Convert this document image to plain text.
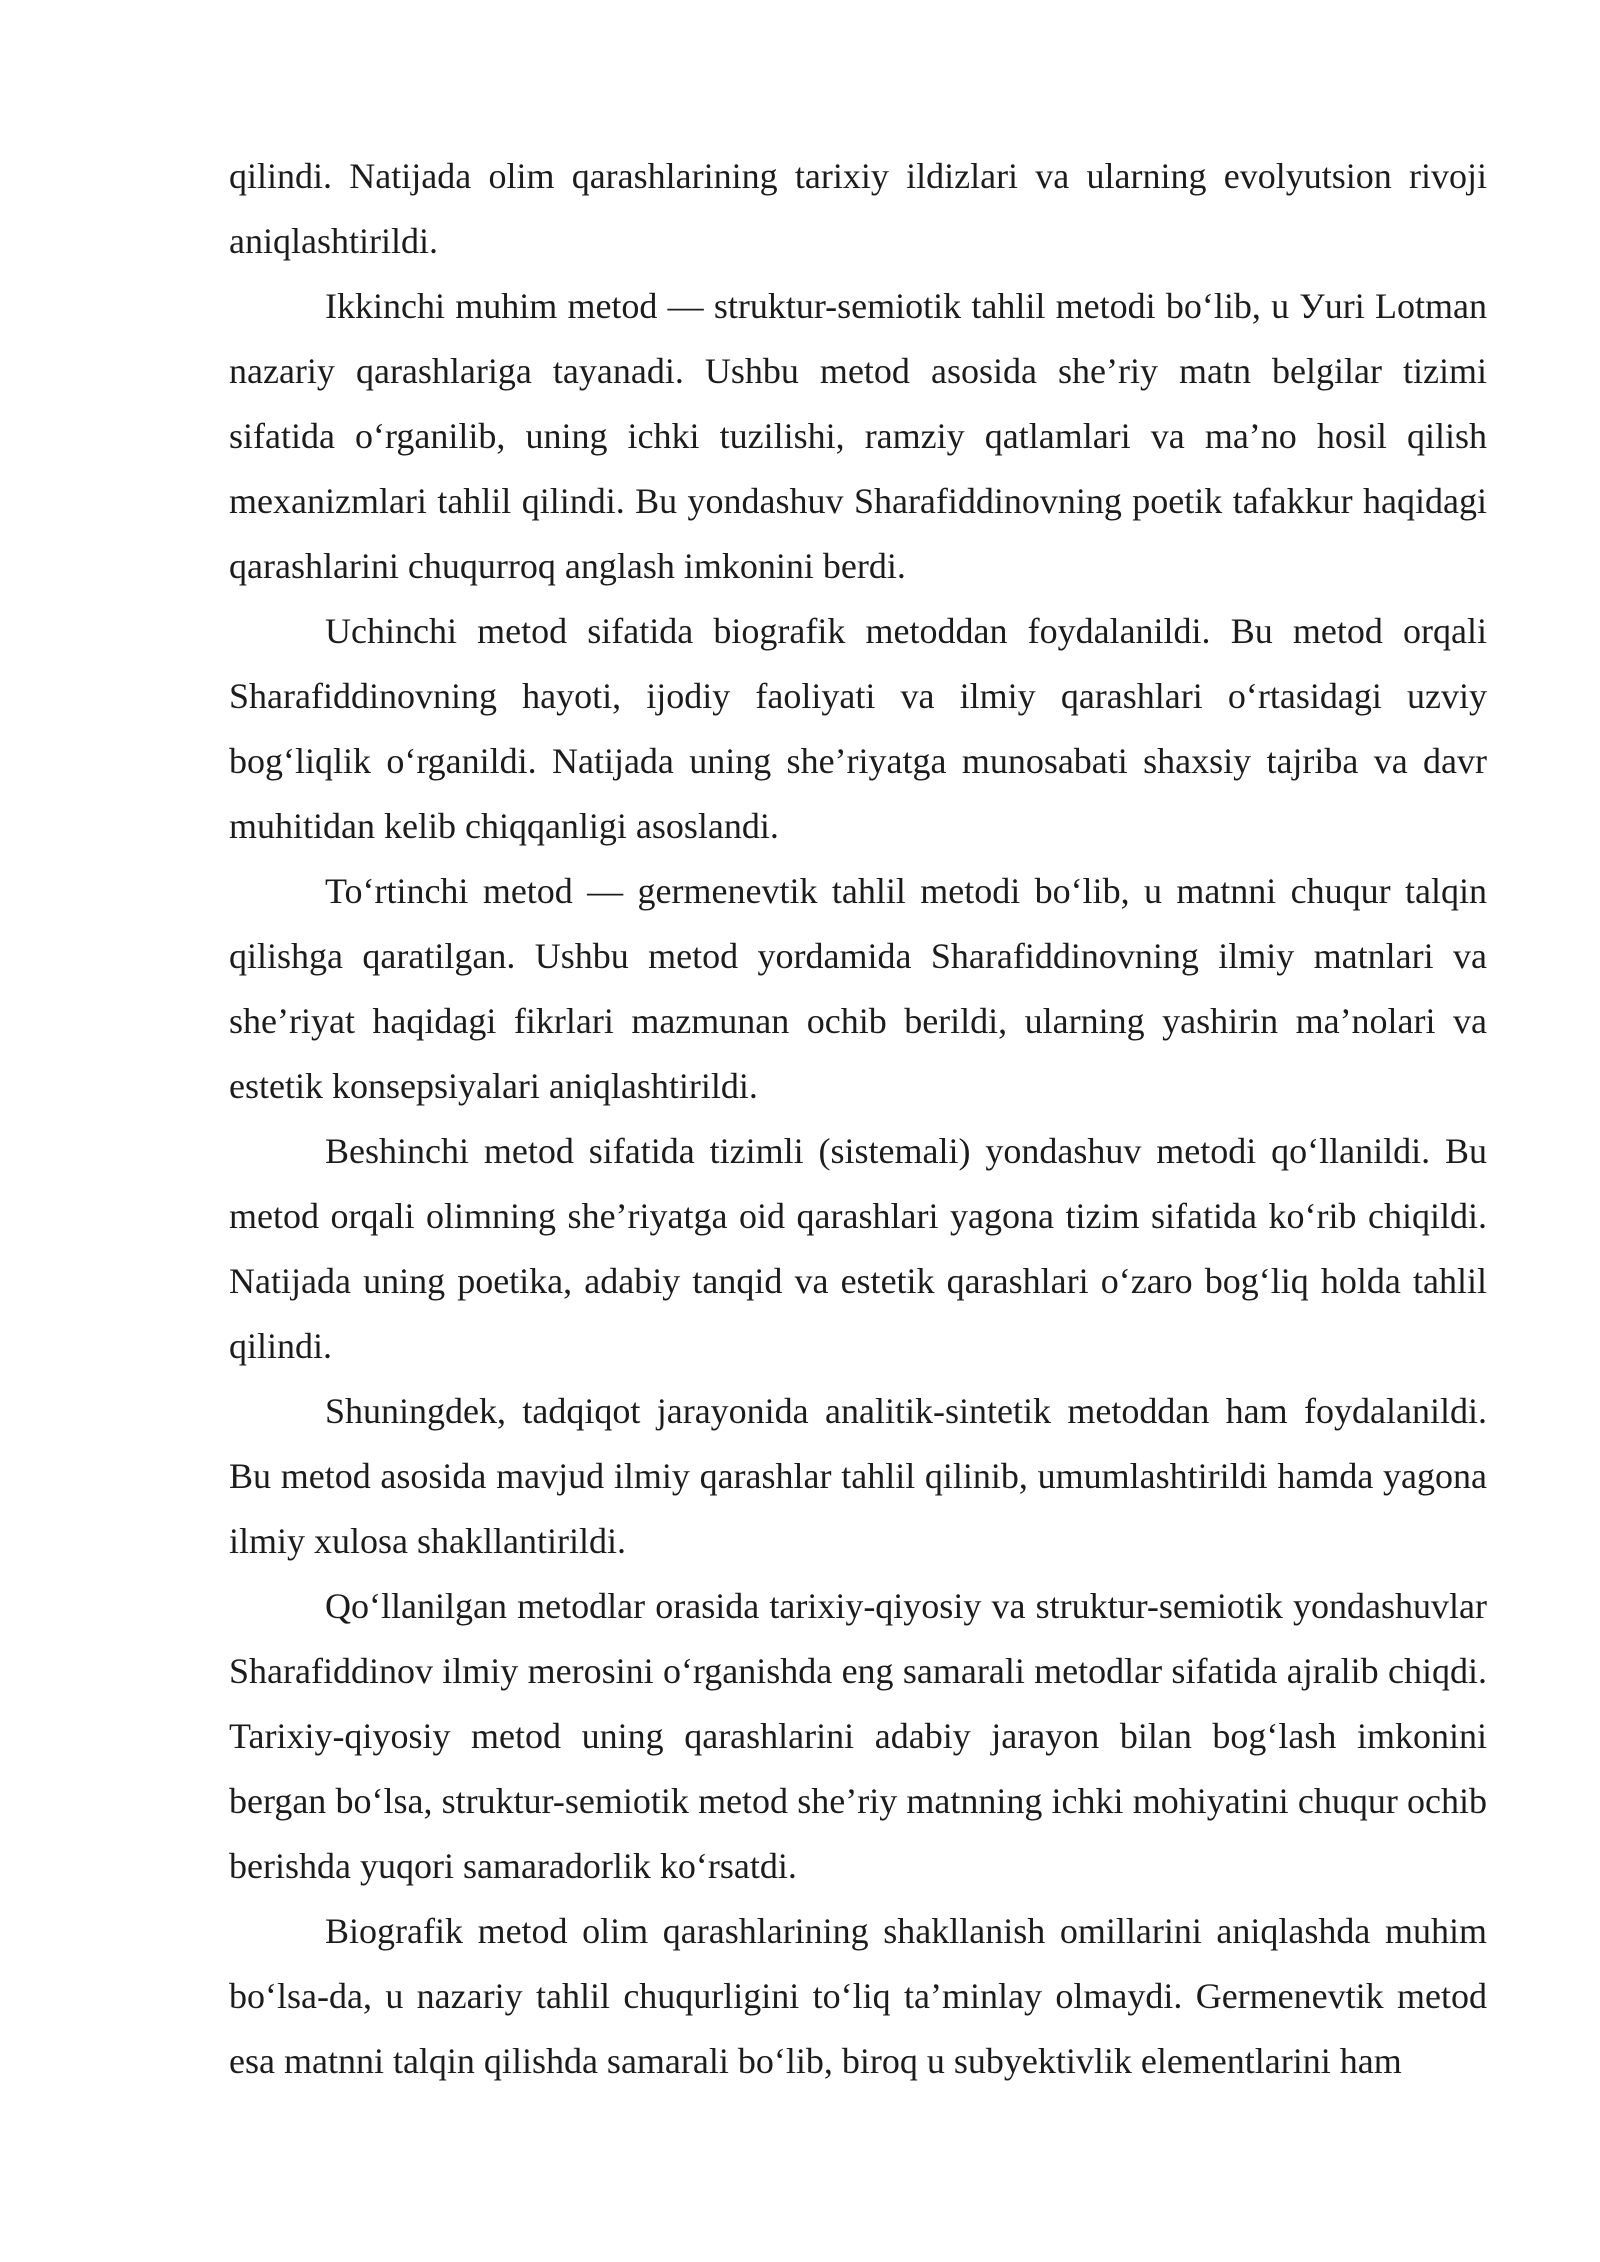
qilindi. Natijada olim qarashlarining tarixiy ildizlari va ularning evolyutsion rivoji aniqlashtirildi.

Ikkinchi muhim metod — struktur-semiotik tahlil metodi bo‘lib, u Уuri Lotman nazariy qarashlariga tayanadi. Ushbu metod asosida she’riy matn belgilar tizimi sifatida o‘rganilib, uning ichki tuzilishi, ramziy qatlamlari va ma’no hosil qilish mexanizmlari tahlil qilindi. Bu yondashuv Sharafiddinovning poetik tafakkur haqidagi qarashlarini chuqurroq anglash imkonini berdi.

Uchinchi metod sifatida biografik metoddan foydalanildi. Bu metod orqali Sharafiddinovning hayoti, ijodiy faoliyati va ilmiy qarashlari o‘rtasidagi uzviy bog‘liqlik o‘rganildi. Natijada uning she’riyatga munosabati shaxsiy tajriba va davr muhitidan kelib chiqqanligi asoslandi.

To‘rtinchi metod — germenevtik tahlil metodi bo‘lib, u matnni chuqur talqin qilishga qaratilgan. Ushbu metod yordamida Sharafiddinovning ilmiy matnlari va she’riyat haqidagi fikrlari mazmunan ochib berildi, ularning yashirin ma’nolari va estetik konsepsiyalari aniqlashtirildi.

Beshinchi metod sifatida tizimli (sistemali) yondashuv metodi qo‘llanildi. Bu metod orqali olimning she’riyatga oid qarashlari yagona tizim sifatida ko‘rib chiqildi. Natijada uning poetika, adabiy tanqid va estetik qarashlari o‘zaro bog‘liq holda tahlil qilindi.

Shuningdek, tadqiqot jarayonida analitik-sintetik metoddan ham foydalanildi. Bu metod asosida mavjud ilmiy qarashlar tahlil qilinib, umumlashtirildi hamda yagona ilmiy xulosa shakllantirildi.

Qo‘llanilgan metodlar orasida tarixiy-qiyosiy va struktur-semiotik yondashuvlar Sharafiddinov ilmiy merosini o‘rganishda eng samarali metodlar sifatida ajralib chiqdi. Tarixiy-qiyosiy metod uning qarashlarini adabiy jarayon bilan bog‘lash imkonini bergan bo‘lsa, struktur-semiotik metod she’riy matnning ichki mohiyatini chuqur ochib berishda yuqori samaradorlik ko‘rsatdi.

Biografik metod olim qarashlarining shakllanish omillarini aniqlashda muhim bo‘lsa-da, u nazariy tahlil chuqurligini to‘liq ta’minlay olmaydi. Germenevtik metod esa matnni talqin qilishda samarali bo‘lib, biroq u subyektivlik elementlarini ham
